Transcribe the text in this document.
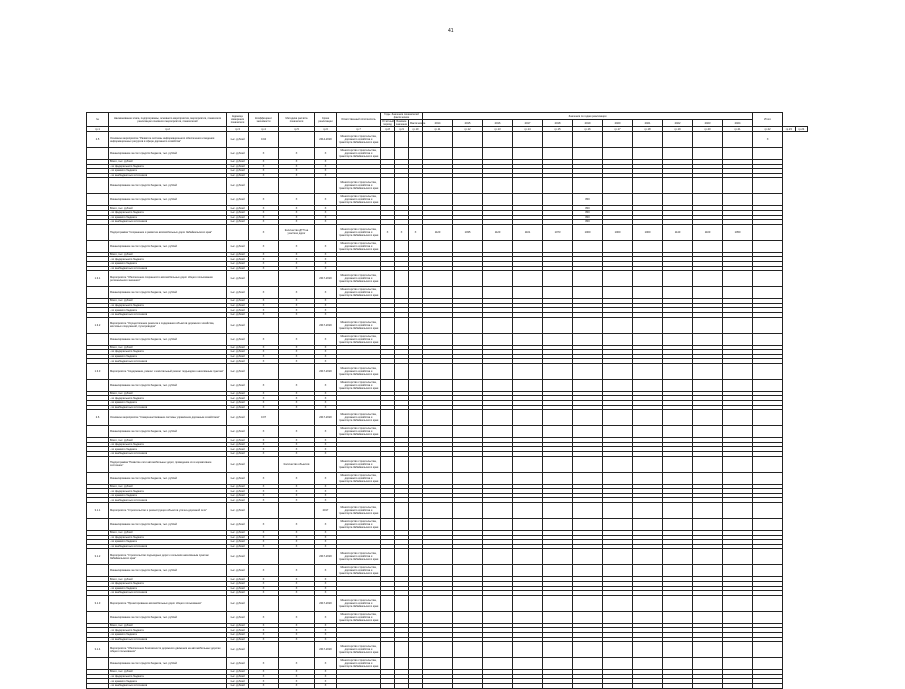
41
№	Наименование этапа, подпрограммы, основного мероприятия, мероприятия, показателя реализации основного мероприятия, показателей	Единица измерения показателя	Коэффициент значимости	Методика расчёта показателя	Сроки реализации	Ответственный исполнитель	Годы. Значения показателей фактические			Значения по годам реализации											Итого		
							Отчётный период	Базовое значение	Фактическое	2014	2015	2016	2017	2018	2019	2020	2021	2022	2023	2024			
гр.1	гр.2	гр.3	гр.4	гр.5	гр.6	гр.7	гр.8	гр.9	гр.10	гр.11	гр.12	гр.13	гр.14	гр.15	гр.16	гр.17	гр.18	гр.19	гр.20	гр.21	гр.22	гр.23	гр.24
2.5	Основное мероприятие "Развитие системы информационного обеспечения и ведения информационных ресурсов в сфере дорожного хозяйства"	тыс. рублей	0.04		2014-2020	Министерство строительства, дорожного хозяйства и транспорта Забайкальского края															X		
	Финансирование за счет средств бюджета, тыс. рублей	тыс. рублей	X	X	X	Министерство строительства, дорожного хозяйства и транспорта Забайкальского края																	
	Всего, тыс. рублей	тыс. рублей	X	X	X																		
	- из федерального бюджета	тыс. рублей	X	X	X																		
	- из краевого бюджета	тыс. рублей	X	X	X																		
	- из внебюджетных источников	тыс. рублей	X	X	X																		
	Финансирование за счет средств бюджета, тыс. рублей	тыс. рублей				Министерство строительства, дорожного хозяйства и транспорта Забайкальского края																	
	Финансирование за счет средств бюджета, тыс. рублей	тыс. рублей	X	X	X	Министерство строительства, дорожного хозяйства и транспорта Забайкальского края									800								
	Всего, тыс. рублей	тыс. рублей	X	X	X										800								
	- из федерального бюджета	тыс. рублей	X	X	X										800								
	- из краевого бюджета	тыс. рублей	X	X	X										800								
	- из внебюджетных источников	тыс. рублей	X	X	X										800								
	Подпрограмма "Сохранение и развитие автомобильных дорог Забайкальского края"		X	Количество ДТП на участках дорог		Министерство строительства, дорожного хозяйства и транспорта Забайкальского края	X	X	X	1120	1035	1120	1101	1073	1000	1000	1000	1140	1100	1050			
	Финансирование за счет средств бюджета, тыс. рублей	тыс. рублей	X	X	X	Министерство строительства, дорожного хозяйства и транспорта Забайкальского края																	
	Всего, тыс. рублей	тыс. рублей	X	X	X																		
	- из федерального бюджета	тыс. рублей	X	X	X																		
	- из краевого бюджета	тыс. рублей	X	X	X																		
	- из внебюджетных источников	тыс. рублей	X	X	X																		
1.3.1	Мероприятие "Обеспечение сохранности автомобильных дорог общего пользования регионального значения"	тыс. рублей			2017-2020	Министерство строительства, дорожного хозяйства и транспорта Забайкальского края																	
	Финансирование за счет средств бюджета, тыс. рублей	тыс. рублей	X	X	X	Министерство строительства, дорожного хозяйства и транспорта Забайкальского края																	
	Всего, тыс. рублей	тыс. рублей	X	X	X																		
	- из федерального бюджета	тыс. рублей	X	X	X																		
	- из краевого бюджета	тыс. рублей	X	X	X																		
	- из внебюджетных источников	тыс. рублей	X	X	X																		
1.3.2	Мероприятие "Осуществление ремонта и содержания объектов дорожного хозяйства, мостовых сооружений, путепроводов"	тыс. рублей			2017-2020	Министерство строительства, дорожного хозяйства и транспорта Забайкальского края																	
	Финансирование за счет средств бюджета, тыс. рублей	тыс. рублей	X	X	X	Министерство строительства, дорожного хозяйства и транспорта Забайкальского края																	
	Всего, тыс. рублей	тыс. рублей	X	X	X																		
	- из федерального бюджета	тыс. рублей	X	X	X																		
	- из краевого бюджета	тыс. рублей	X	X	X																		
	- из внебюджетных источников	тыс. рублей	X	X	X																		
1.3.3	Мероприятие "Содержание, ремонт и капитальный ремонт подъездов к населённым пунктам"	тыс. рублей			2017-2020	Министерство строительства, дорожного хозяйства и транспорта Забайкальского края																	
	Финансирование за счет средств бюджета, тыс. рублей	тыс. рублей	X	X	X	Министерство строительства, дорожного хозяйства и транспорта Забайкальского края																	
	Всего, тыс. рублей	тыс. рублей	X	X	X																		
	- из федерального бюджета	тыс. рублей	X	X	X																		
	- из краевого бюджета	тыс. рублей	X	X	X																		
	- из внебюджетных источников	тыс. рублей	X	X	X																		
2.6	Основное мероприятие "Совершенствование системы управления дорожным хозяйством"	тыс. рублей	0.07		2017-2020	Министерство строительства, дорожного хозяйства и транспорта Забайкальского края																	
	Финансирование за счет средств бюджета, тыс. рублей	тыс. рублей	X	X	X	Министерство строительства, дорожного хозяйства и транспорта Забайкальского края																	
	Всего, тыс. рублей	тыс. рублей	X	X	X																		
	- из федерального бюджета	тыс. рублей	X	X	X																		
	- из краевого бюджета	тыс. рублей	X	X	X																		
	- из внебюджетных источников	тыс. рублей	X	X	X																		
	Подпрограмма "Развитие сети автомобильных дорог, приведение их в нормативное состояние"	тыс. рублей		Количество объектов		Министерство строительства, дорожного хозяйства и транспорта Забайкальского края																	
	Финансирование за счет средств бюджета, тыс. рублей	тыс. рублей	X	X	X	Министерство строительства, дорожного хозяйства и транспорта Забайкальского края																	
	Всего, тыс. рублей	тыс. рублей	X	X	X																		
	- из федерального бюджета	тыс. рублей	X	X	X																		
	- из краевого бюджета	тыс. рублей	X	X	X																		
	- из внебюджетных источников	тыс. рублей	X	X	X																		
3.1.1	Мероприятие "Строительство и реконструкция объектов улично-дорожной сети"	тыс. рублей			2017	Министерство строительства, дорожного хозяйства и транспорта Забайкальского края																	
	Финансирование за счет средств бюджета, тыс. рублей	тыс. рублей	X	X	X	Министерство строительства, дорожного хозяйства и транспорта Забайкальского края																	
	Всего, тыс. рублей	тыс. рублей	X	X	X																		
	- из федерального бюджета	тыс. рублей	X	X	X																		
	- из краевого бюджета	тыс. рублей	X	X	X																		
	- из внебюджетных источников	тыс. рублей	X	X	X																		
3.1.2	Мероприятие "Строительство подъездных дорог к сельским населённым пунктам Забайкальского края"	тыс. рублей			2017-2020	Министерство строительства, дорожного хозяйства и транспорта Забайкальского края																	
	Финансирование за счет средств бюджета, тыс. рублей	тыс. рублей	X	X	X	Министерство строительства, дорожного хозяйства и транспорта Забайкальского края																	
	Всего, тыс. рублей	тыс. рублей	X	X	X																		
	- из федерального бюджета	тыс. рублей	X	X	X																		
	- из краевого бюджета	тыс. рублей	X	X	X																		
	- из внебюджетных источников	тыс. рублей	X	X	X																		
3.1.3	Мероприятие "Проектирование автомобильных дорог общего пользования"	тыс. рублей			2017-2020	Министерство строительства, дорожного хозяйства и транспорта Забайкальского края																	
	Финансирование за счет средств бюджета, тыс. рублей	тыс. рублей	X	X	X	Министерство строительства, дорожного хозяйства и транспорта Забайкальского края																	
	Всего, тыс. рублей	тыс. рублей	X	X	X																		
	- из федерального бюджета	тыс. рублей	X	X	X																		
	- из краевого бюджета	тыс. рублей	X	X	X																		
	- из внебюджетных источников	тыс. рублей	X	X	X																		
3.1.4	Мероприятие "Обеспечение безопасности дорожного движения на автомобильных дорогах общего пользования"	тыс. рублей			2017-2020	Министерство строительства, дорожного хозяйства и транспорта Забайкальского края																	
	Финансирование за счет средств бюджета, тыс. рублей	тыс. рублей	X	X	X	Министерство строительства, дорожного хозяйства и транспорта Забайкальского края																	
	Всего, тыс. рублей	тыс. рублей	X	X	X																		
	- из федерального бюджета	тыс. рублей	X	X	X																		
	- из краевого бюджета	тыс. рублей	X	X	X																		
	- из внебюджетных источников	тыс. рублей	X	X	X																		
